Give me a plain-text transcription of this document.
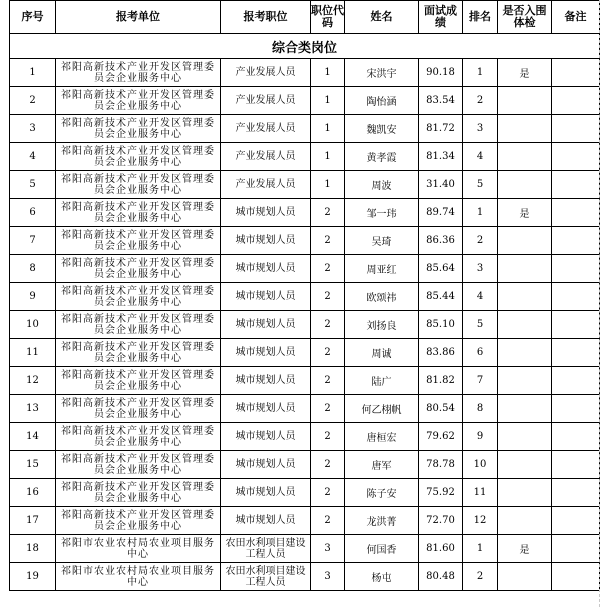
序号	报考单位	报考职位	职位代码	姓名	面试成绩	排名	是否入围体检	备注
综合类岗位								
1	祁阳高新技术产业开发区管理委员会企业服务中心	产业发展人员	1	宋洪宇	90.18	1	是	
2	祁阳高新技术产业开发区管理委员会企业服务中心	产业发展人员	1	陶怡涵	83.54	2		
3	祁阳高新技术产业开发区管理委员会企业服务中心	产业发展人员	1	魏凯安	81.72	3		
4	祁阳高新技术产业开发区管理委员会企业服务中心	产业发展人员	1	黄孝霞	81.34	4		
5	祁阳高新技术产业开发区管理委员会企业服务中心	产业发展人员	1	周波	31.40	5		
6	祁阳高新技术产业开发区管理委员会企业服务中心	城市规划人员	2	邹一玮	89.74	1	是	
7	祁阳高新技术产业开发区管理委员会企业服务中心	城市规划人员	2	吴琦	86.36	2		
8	祁阳高新技术产业开发区管理委员会企业服务中心	城市规划人员	2	周亚红	85.64	3		
9	祁阳高新技术产业开发区管理委员会企业服务中心	城市规划人员	2	欧颂祎	85.44	4		
10	祁阳高新技术产业开发区管理委员会企业服务中心	城市规划人员	2	刘扬良	85.10	5		
11	祁阳高新技术产业开发区管理委员会企业服务中心	城市规划人员	2	周诚	83.86	6		
12	祁阳高新技术产业开发区管理委员会企业服务中心	城市规划人员	2	陆广	81.82	7		
13	祁阳高新技术产业开发区管理委员会企业服务中心	城市规划人员	2	何乙栩帆	80.54	8		
14	祁阳高新技术产业开发区管理委员会企业服务中心	城市规划人员	2	唐桓宏	79.62	9		
15	祁阳高新技术产业开发区管理委员会企业服务中心	城市规划人员	2	唐军	78.78	10		
16	祁阳高新技术产业开发区管理委员会企业服务中心	城市规划人员	2	陈子安	75.92	11		
17	祁阳高新技术产业开发区管理委员会企业服务中心	城市规划人员	2	龙洪菁	72.70	12		
18	祁阳市农业农村局农业项目服务中心	农田水利项目建设工程人员	3	何国香	81.60	1	是	
19	祁阳市农业农村局农业项目服务中心	农田水利项目建设工程人员	3	杨屯	80.48	2		
